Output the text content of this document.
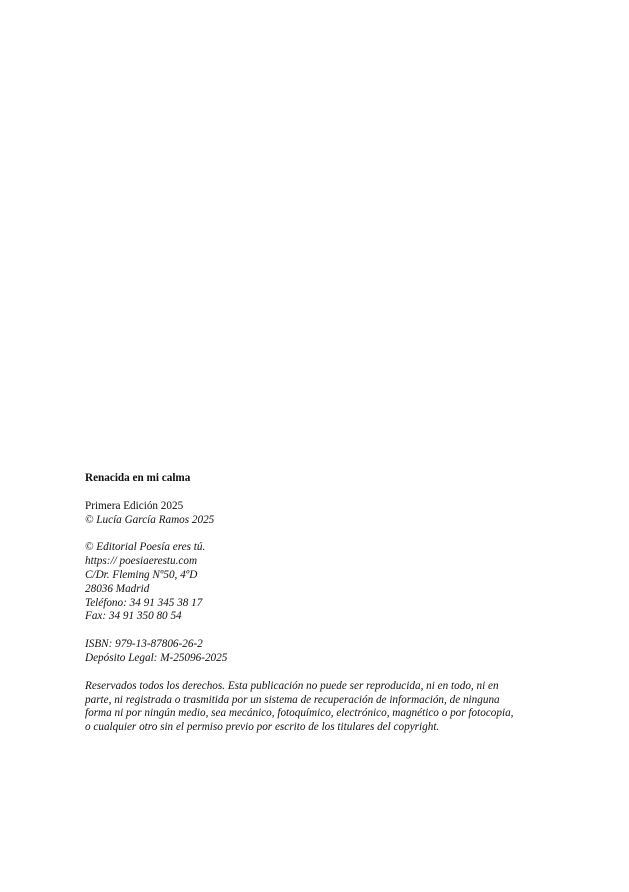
Renacida en mi calma

Primera Edición 2025
© Lucía García Ramos 2025

© Editorial Poesía eres tú.
https:// poesiaerestu.com
C/Dr. Fleming Nº50, 4ºD
28036 Madrid
Teléfono: 34 91 345 38 17
Fax: 34 91 350 80 54

ISBN: 979-13-87806-26-2
Depósito Legal: M-25096-2025

Reservados todos los derechos. Esta publicación no puede ser reproducida, ni en todo, ni en
parte, ni registrada o trasmitida por un sistema de recuperación de información, de ninguna
forma ni por ningún medio, sea mecánico, fotoquímico, electrónico, magnético o por fotocopia,
o cualquier otro sin el permiso previo por escrito de los titulares del copyright.
